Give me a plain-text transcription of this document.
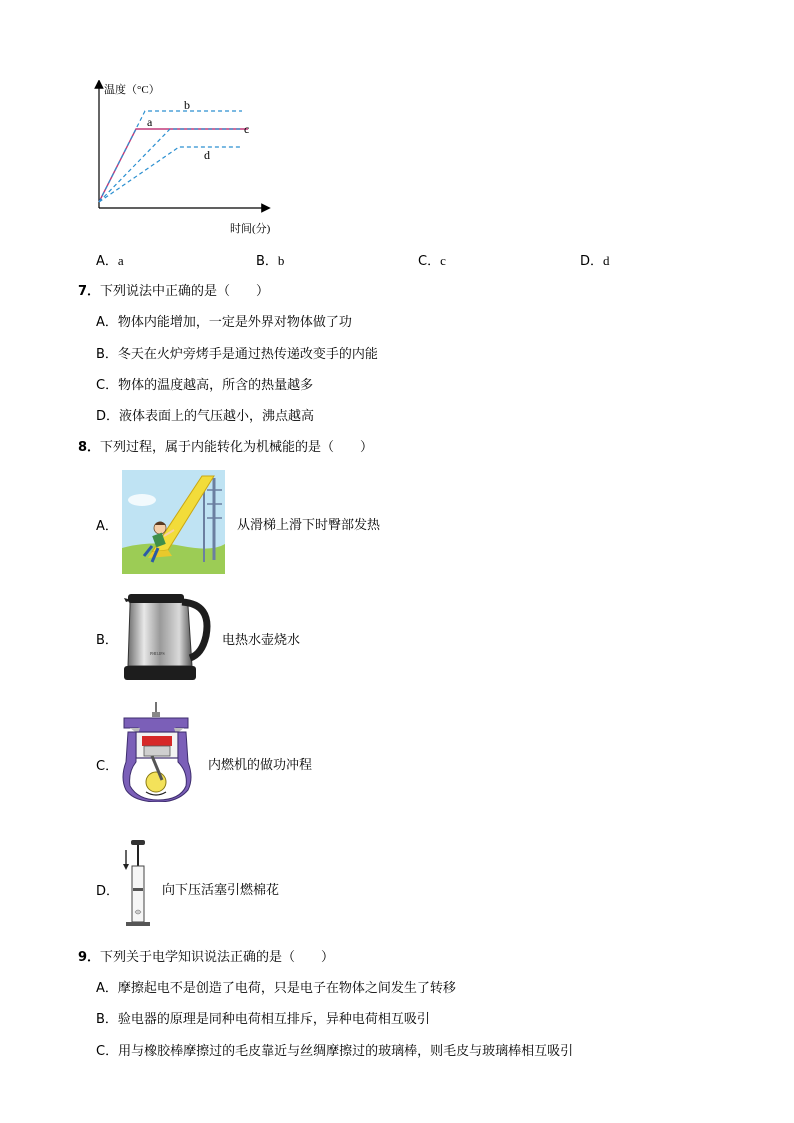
温度（°C）
时间(分)
a
b
c
d
A．a	B．b	C．c	D．d
7．下列说法中正确的是（　　）
A．物体内能增加，一定是外界对物体做了功
B．冬天在火炉旁烤手是通过热传递改变手的内能
C．物体的温度越高，所含的热量越多
D．液体表面上的气压越小，沸点越高
8．下列过程，属于内能转化为机械能的是（　　）
A．	从滑梯上滑下时臀部发热
B．
PHILIPS
电热水壶烧水
C．	内燃机的做功冲程
D．	向下压活塞引燃棉花
9．下列关于电学知识说法正确的是（　　）
A．摩擦起电不是创造了电荷，只是电子在物体之间发生了转移
B．验电器的原理是同种电荷相互排斥，异种电荷相互吸引
C．用与橡胶棒摩擦过的毛皮靠近与丝绸摩擦过的玻璃棒，则毛皮与玻璃棒相互吸引
